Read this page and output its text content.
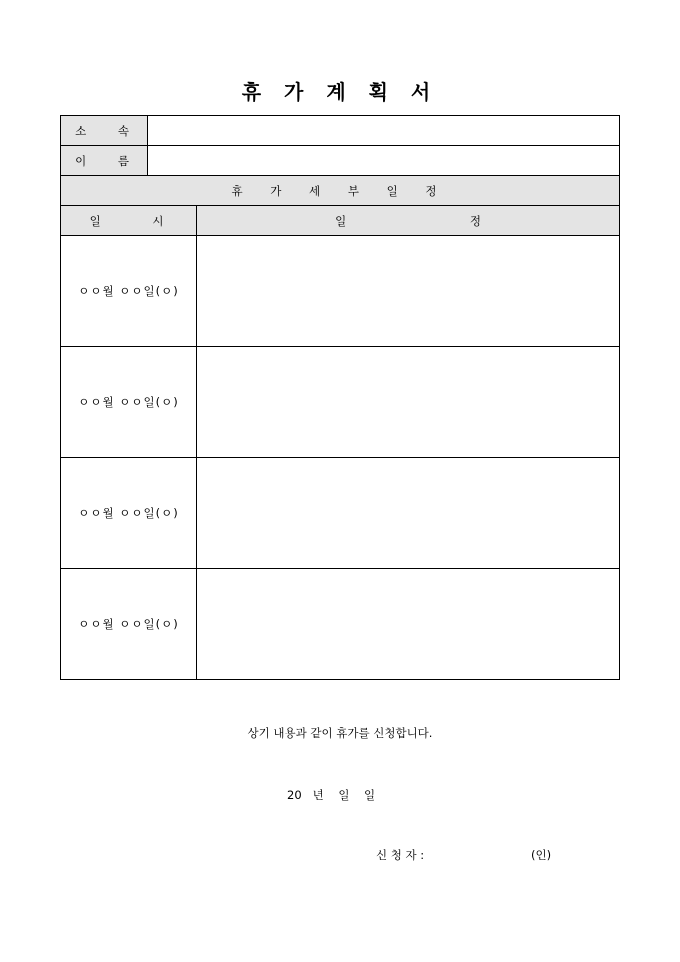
휴 가 계 획 서
소 속	
이 름	
휴 가 세 부 일 정	
일 시	일 정
ㅇㅇ월 ㅇㅇ일(ㅇ)	
ㅇㅇ월 ㅇㅇ일(ㅇ)	
ㅇㅇ월 ㅇㅇ일(ㅇ)	
ㅇㅇ월 ㅇㅇ일(ㅇ)	
상기 내용과 같이 휴가를 신청합니다.
20   년    일    일
신 청 자 :	(인)
